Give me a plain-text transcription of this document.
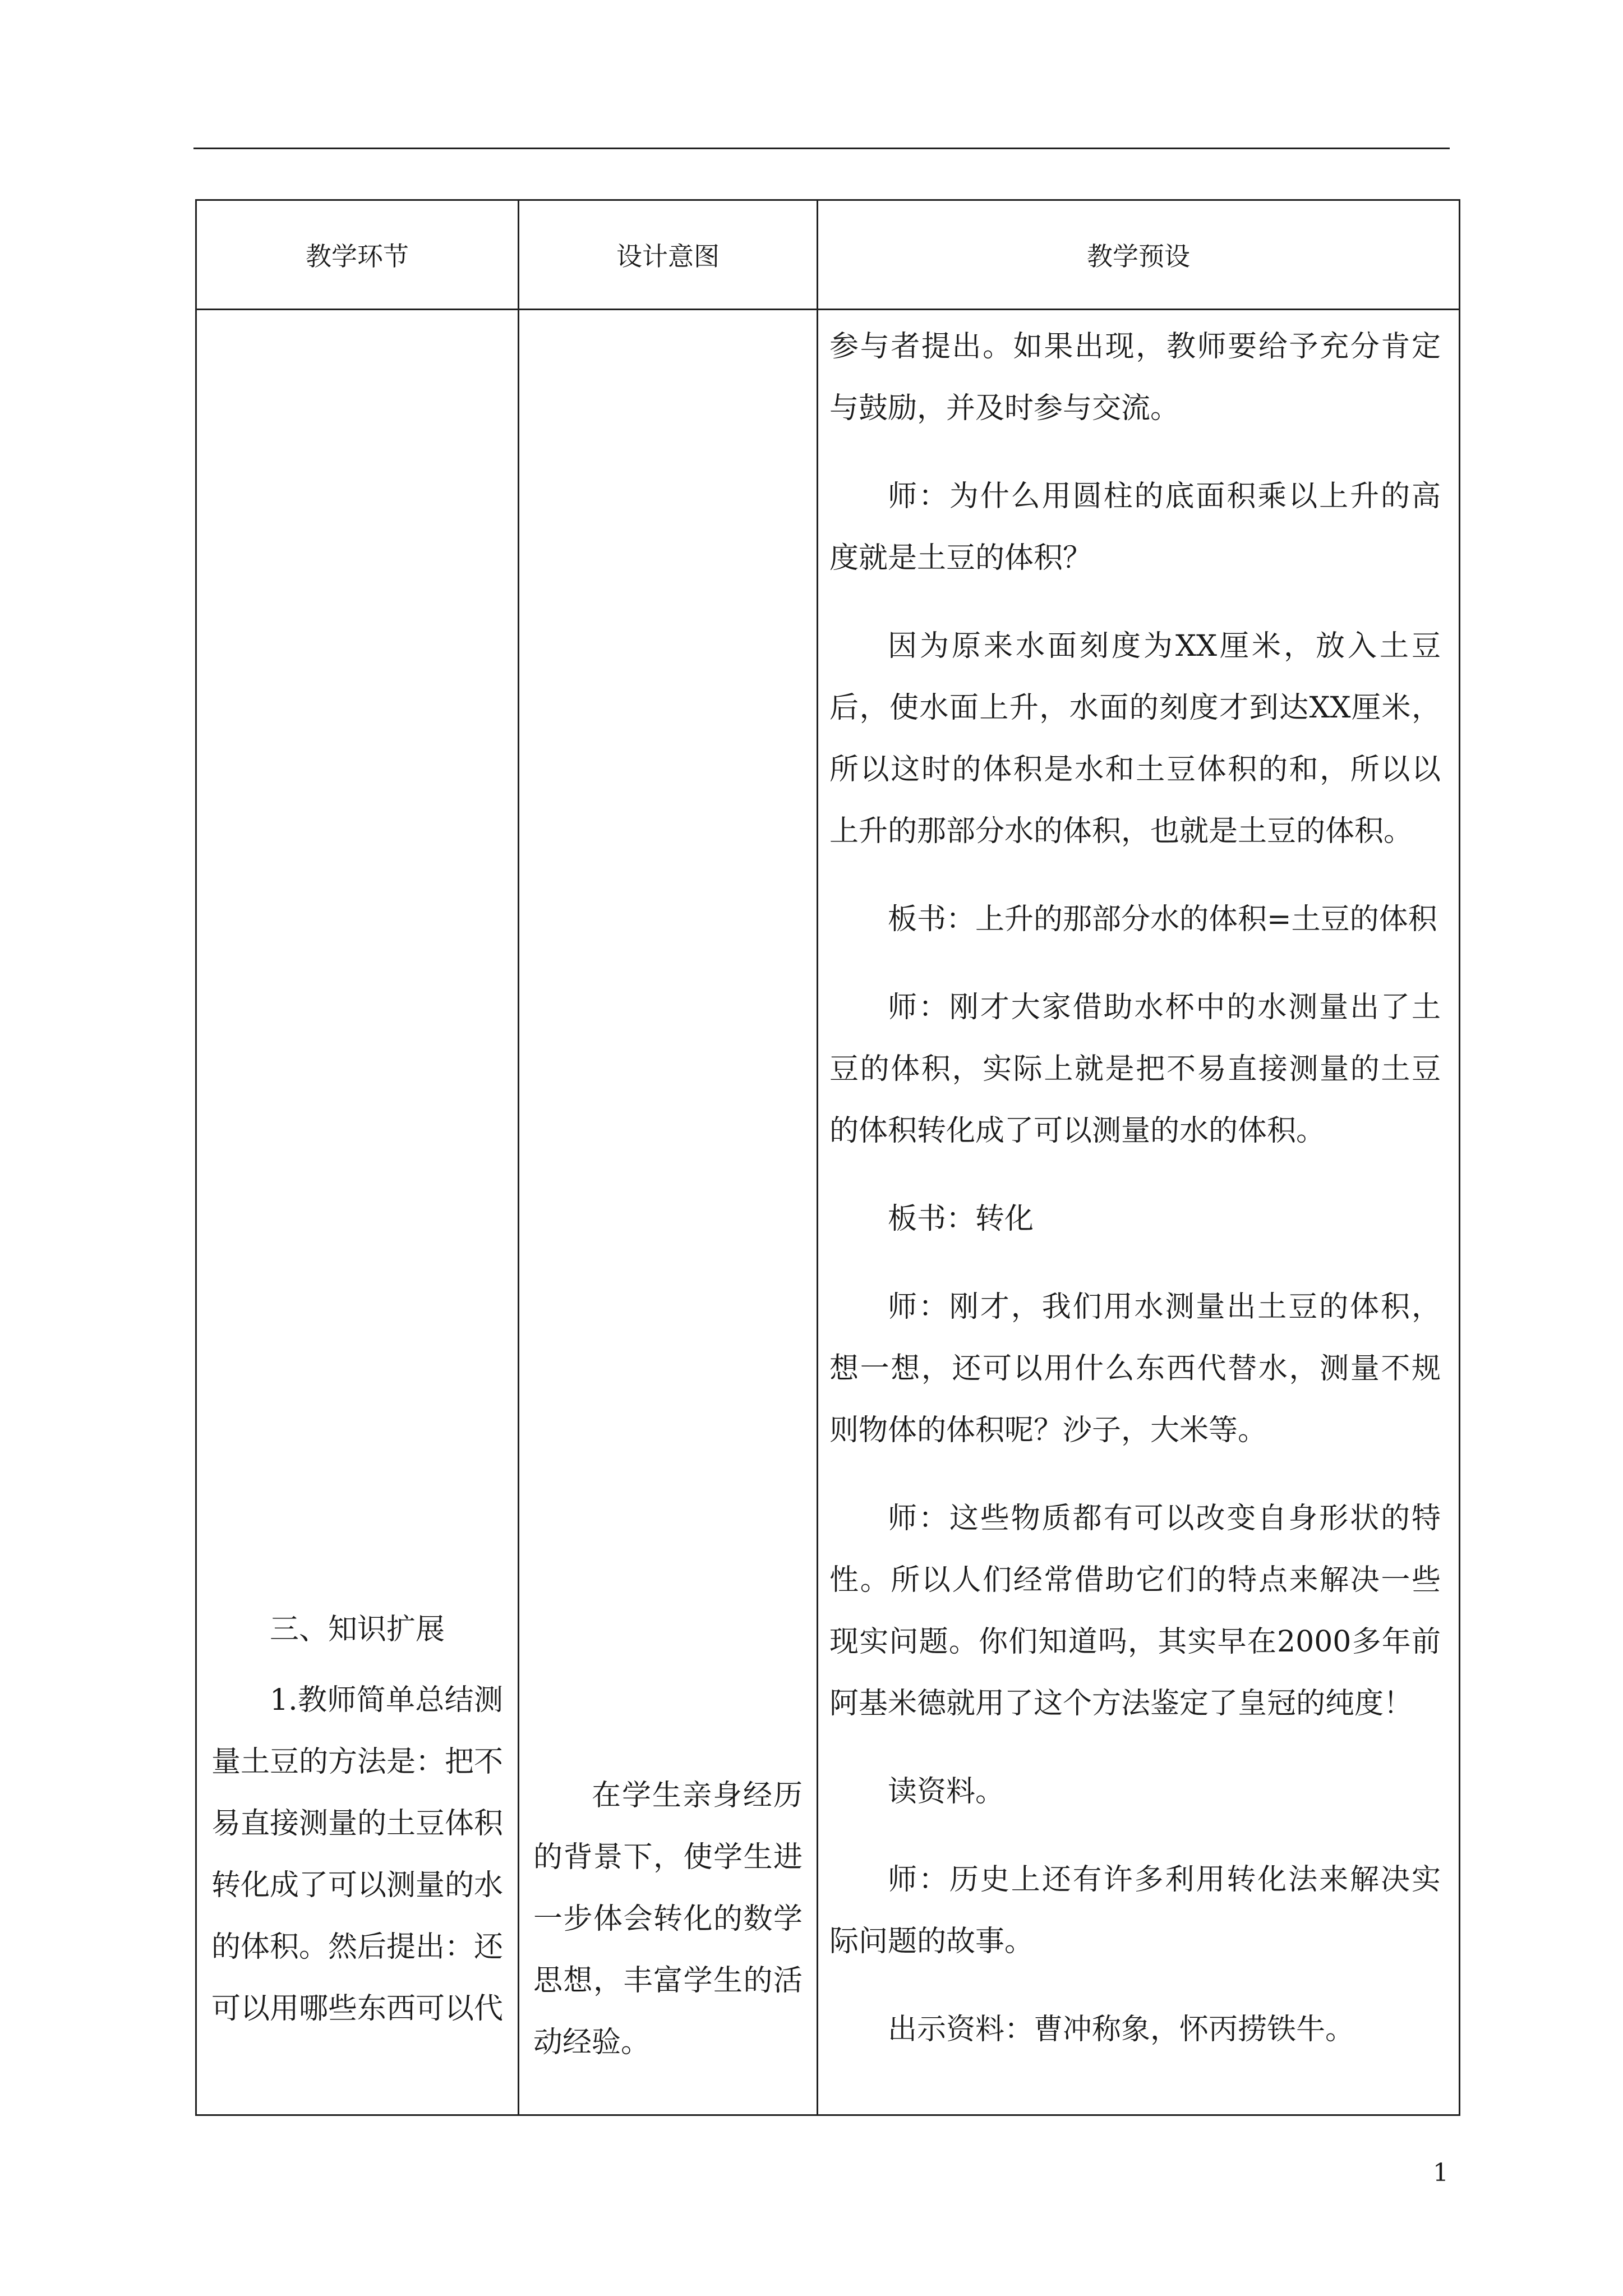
教学环节	设计意图	教学预设

三、知识扩展

1.教师简单总结测量土豆的方法是：把不易直接测量的土豆体积转化成了可以测量的水的体积。然后提出：还可以用哪些东西可以代

在学生亲身经历的背景下，使学生进一步体会转化的数学思想，丰富学生的活动经验。

参与者提出。如果出现，教师要给予充分肯定与鼓励，并及时参与交流。

师：为什么用圆柱的底面积乘以上升的高度就是土豆的体积？

因为原来水面刻度为XX厘米，放入土豆后，使水面上升，水面的刻度才到达XX厘米，所以这时的体积是水和土豆体积的和，所以以上升的那部分水的体积，也就是土豆的体积。

板书：上升的那部分水的体积=土豆的体积

师：刚才大家借助水杯中的水测量出了土豆的体积，实际上就是把不易直接测量的土豆的体积转化成了可以测量的水的体积。

板书：转化

师：刚才，我们用水测量出土豆的体积，想一想，还可以用什么东西代替水，测量不规则物体的体积呢？沙子，大米等。

师：这些物质都有可以改变自身形状的特性。所以人们经常借助它们的特点来解决一些现实问题。你们知道吗，其实早在2000多年前阿基米德就用了这个方法鉴定了皇冠的纯度！

读资料。

师：历史上还有许多利用转化法来解决实际问题的故事。

出示资料：曹冲称象，怀丙捞铁牛。

1
